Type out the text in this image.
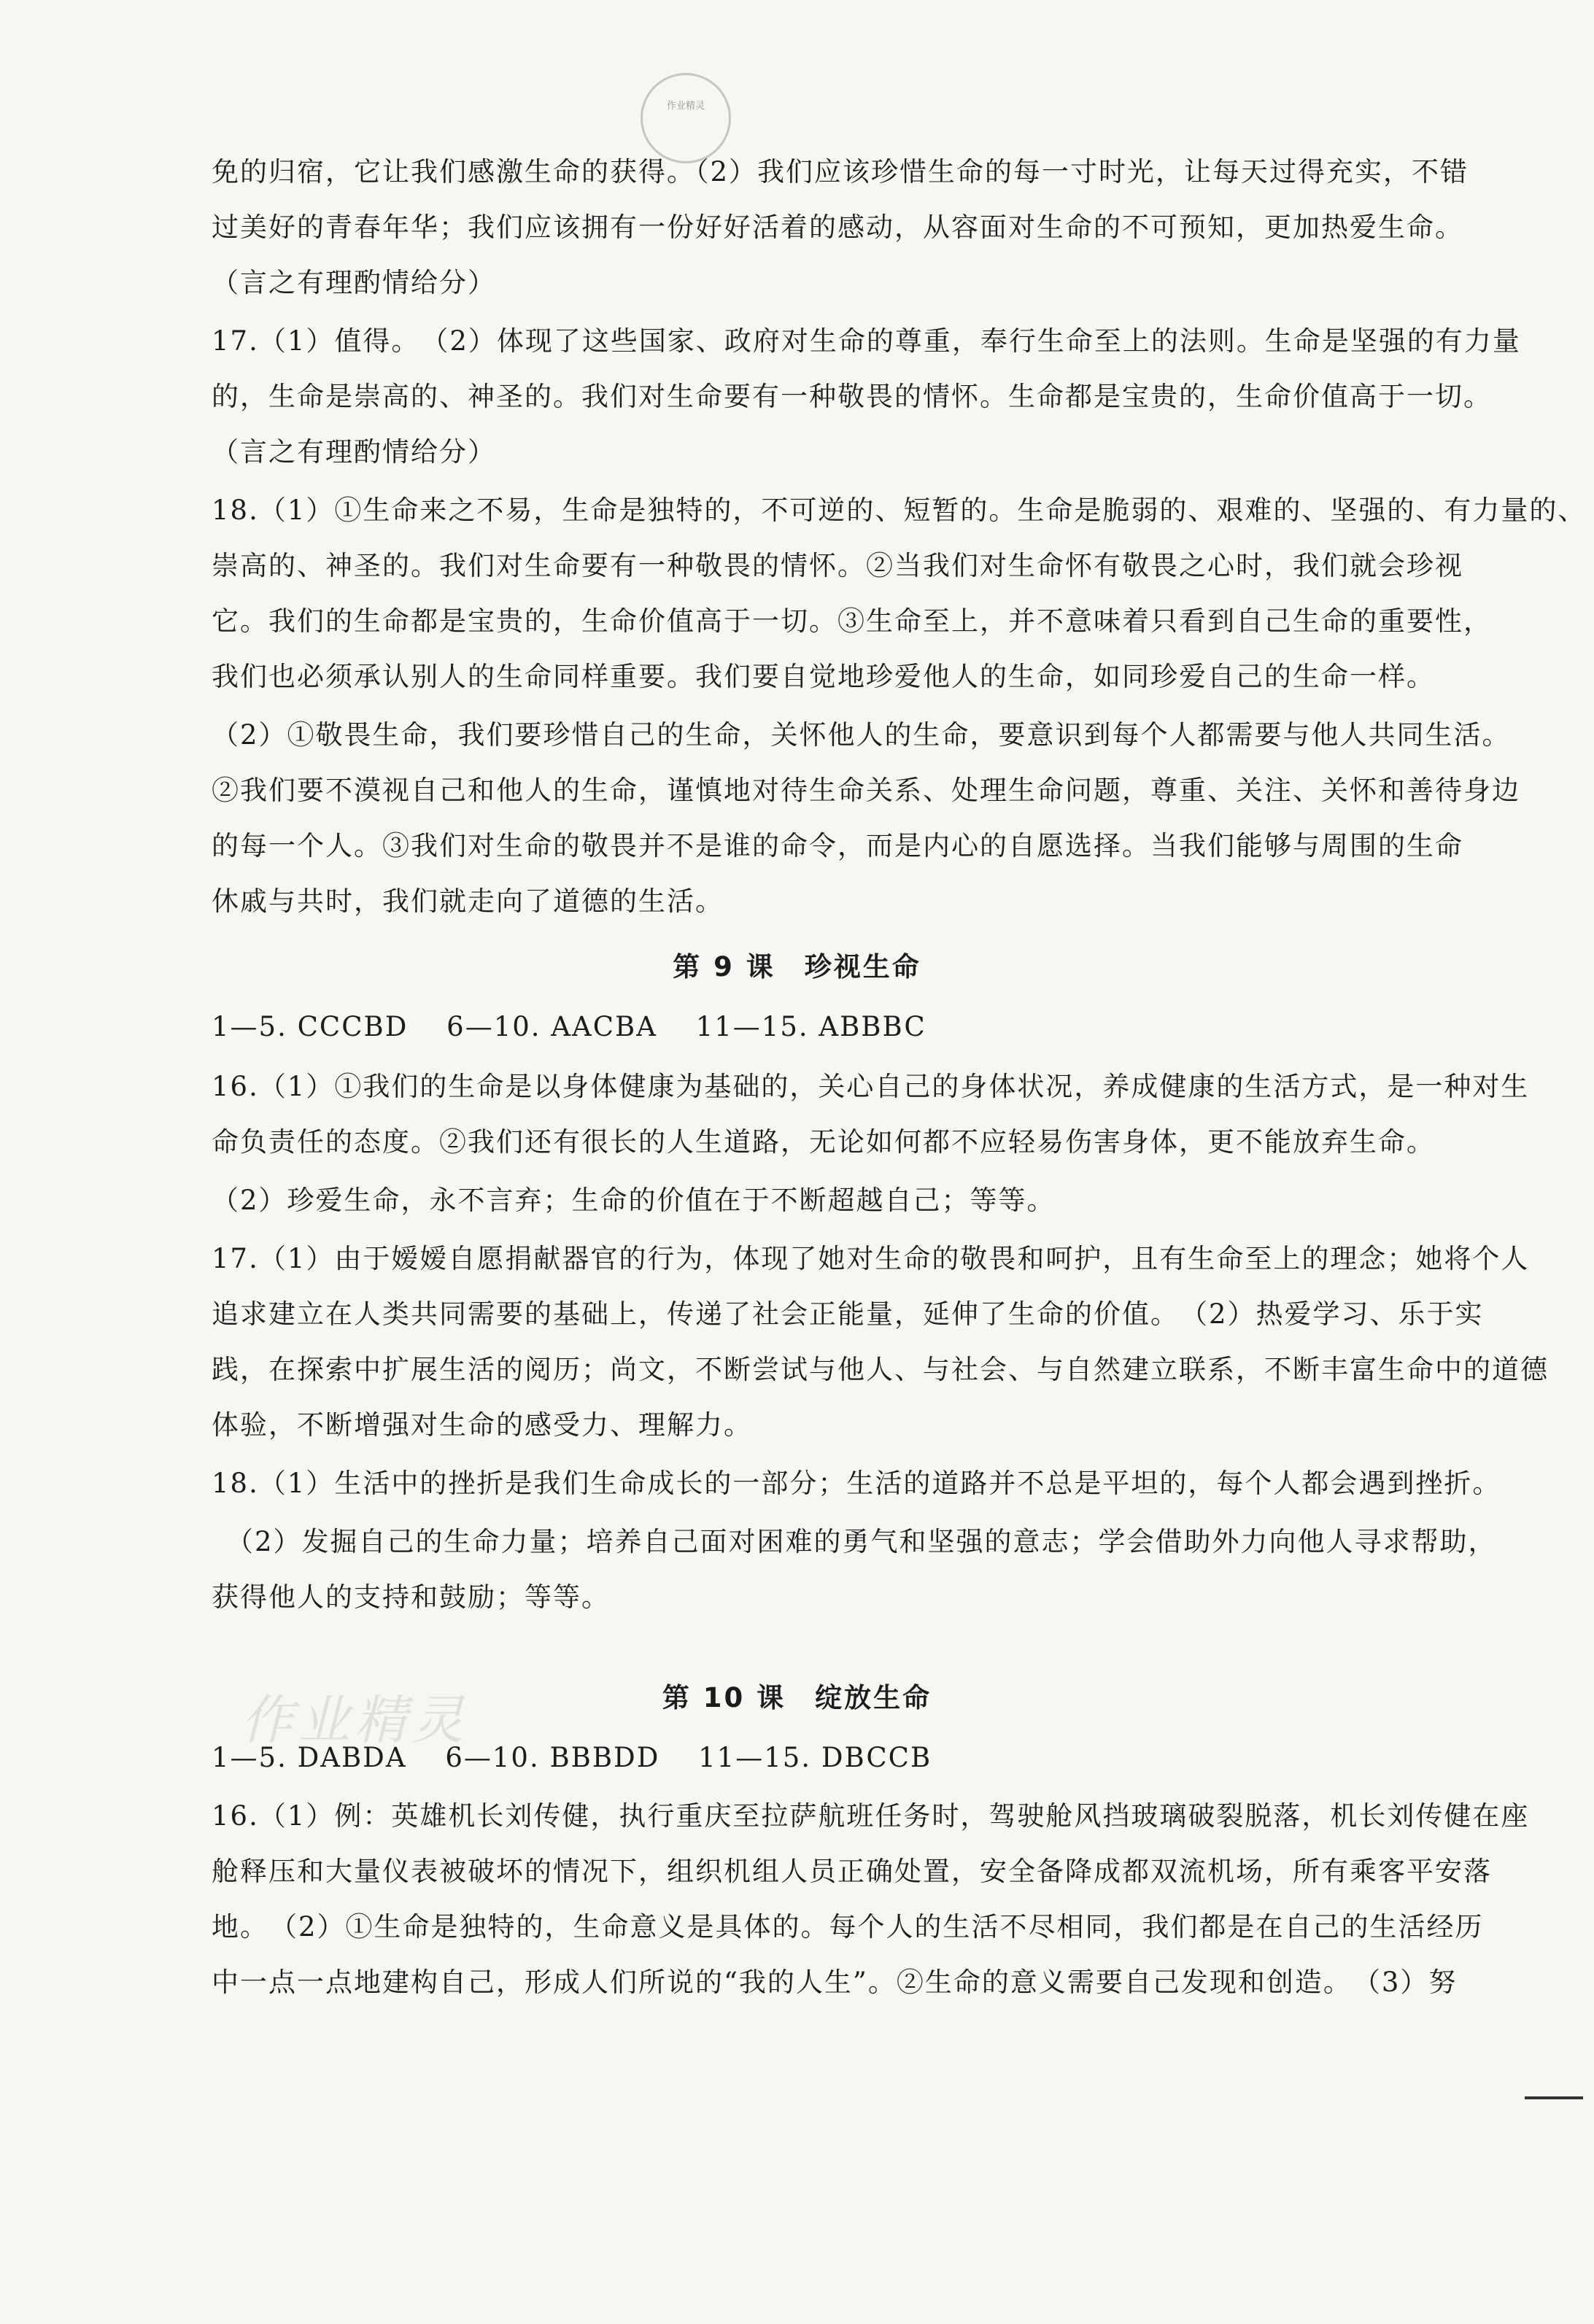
作业精灵
免的归宿，它让我们感激生命的获得。（2）我们应该珍惜生命的每一寸时光，让每天过得充实，不错
过美好的青春年华；我们应该拥有一份好好活着的感动，从容面对生命的不可预知，更加热爱生命。
（言之有理酌情给分）
17.（1）值得。　（2）体现了这些国家、政府对生命的尊重，奉行生命至上的法则。生命是坚强的有力量
的，生命是崇高的、神圣的。我们对生命要有一种敬畏的情怀。生命都是宝贵的，生命价值高于一切。
（言之有理酌情给分）
18.（1）①生命来之不易，生命是独特的，不可逆的、短暂的。生命是脆弱的、艰难的、坚强的、有力量的、
崇高的、神圣的。我们对生命要有一种敬畏的情怀。②当我们对生命怀有敬畏之心时，我们就会珍视
它。我们的生命都是宝贵的，生命价值高于一切。③生命至上，并不意味着只看到自己生命的重要性，
我们也必须承认别人的生命同样重要。我们要自觉地珍爱他人的生命，如同珍爱自己的生命一样。
（2）①敬畏生命，我们要珍惜自己的生命，关怀他人的生命，要意识到每个人都需要与他人共同生活。
②我们要不漠视自己和他人的生命，谨慎地对待生命关系、处理生命问题，尊重、关注、关怀和善待身边
的每一个人。③我们对生命的敬畏并不是谁的命令，而是内心的自愿选择。当我们能够与周围的生命
休戚与共时，我们就走向了道德的生活。
第 9 课　珍视生命
1—5. CCCBD　 6—10. AACBA　 11—15. ABBBC
16.（1）①我们的生命是以身体健康为基础的，关心自己的身体状况，养成健康的生活方式，是一种对生
命负责任的态度。②我们还有很长的人生道路，无论如何都不应轻易伤害身体，更不能放弃生命。
（2）珍爱生命，永不言弃；生命的价值在于不断超越自己；等等。
17.（1）由于嫒嫒自愿捐献器官的行为，体现了她对生命的敬畏和呵护，且有生命至上的理念；她将个人
追求建立在人类共同需要的基础上，传递了社会正能量，延伸了生命的价值。　（2）热爱学习、乐于实
践，在探索中扩展生活的阅历；尚文，不断尝试与他人、与社会、与自然建立联系，不断丰富生命中的道德
体验，不断增强对生命的感受力、理解力。
18.（1）生活中的挫折是我们生命成长的一部分；生活的道路并不总是平坦的，每个人都会遇到挫折。
（2）发掘自己的生命力量；培养自己面对困难的勇气和坚强的意志；学会借助外力向他人寻求帮助，
获得他人的支持和鼓励；等等。
作业精灵	第 10 课　绽放生命
1—5. DABDA　 6—10. BBBDD　 11—15. DBCCB
16.（1）例：英雄机长刘传健，执行重庆至拉萨航班任务时，驾驶舱风挡玻璃破裂脱落，机长刘传健在座
舱释压和大量仪表被破坏的情况下，组织机组人员正确处置，安全备降成都双流机场，所有乘客平安落
地。　（2）①生命是独特的，生命意义是具体的。每个人的生活不尽相同，我们都是在自己的生活经历
中一点一点地建构自己，形成人们所说的“我的人生”。②生命的意义需要自己发现和创造。　（3）努
